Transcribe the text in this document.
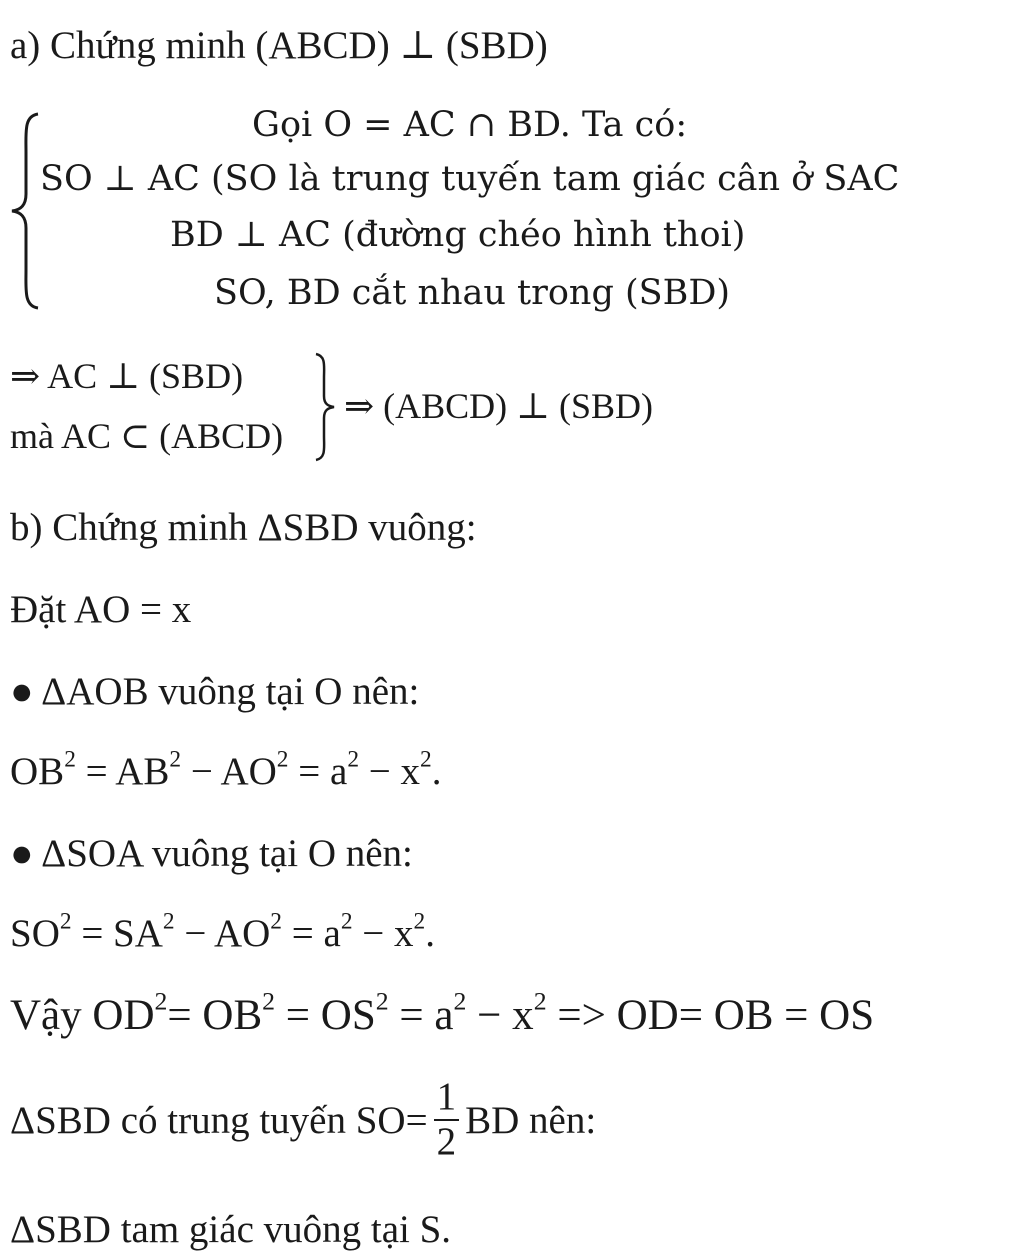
a) Chứng minh (ABCD) ⊥ (SBD)
Gọi O = AC ∩ BD. Ta có:
SO ⊥ AC (SO là trung tuyến tam giác cân ở SAC
BD ⊥ AC (đường chéo hình thoi)
SO, BD cắt nhau trong (SBD)
⇒ AC ⊥ (SBD)
mà AC ⊂ (ABCD)
⇒ (ABCD) ⊥ (SBD)
b) Chứng minh ΔSBD vuông:
Đặt AO = x
● ΔAOB vuông tại O nên:
$OB^2 = AB^2 - AO^2 = a^2 - x^2$.
● ΔSOA vuông tại O nên:
$SO^2 = SA^2 - AO^2 = a^2 - x^2$.
Vậy $OD^2= OB^2 = OS^2 = a^2 - x^2 => OD=$ OB = OS
ΔSBD có trung tuyến $SO= \frac{1}{2}$ BD nên:
ΔSBD tam giác vuông tại S.
